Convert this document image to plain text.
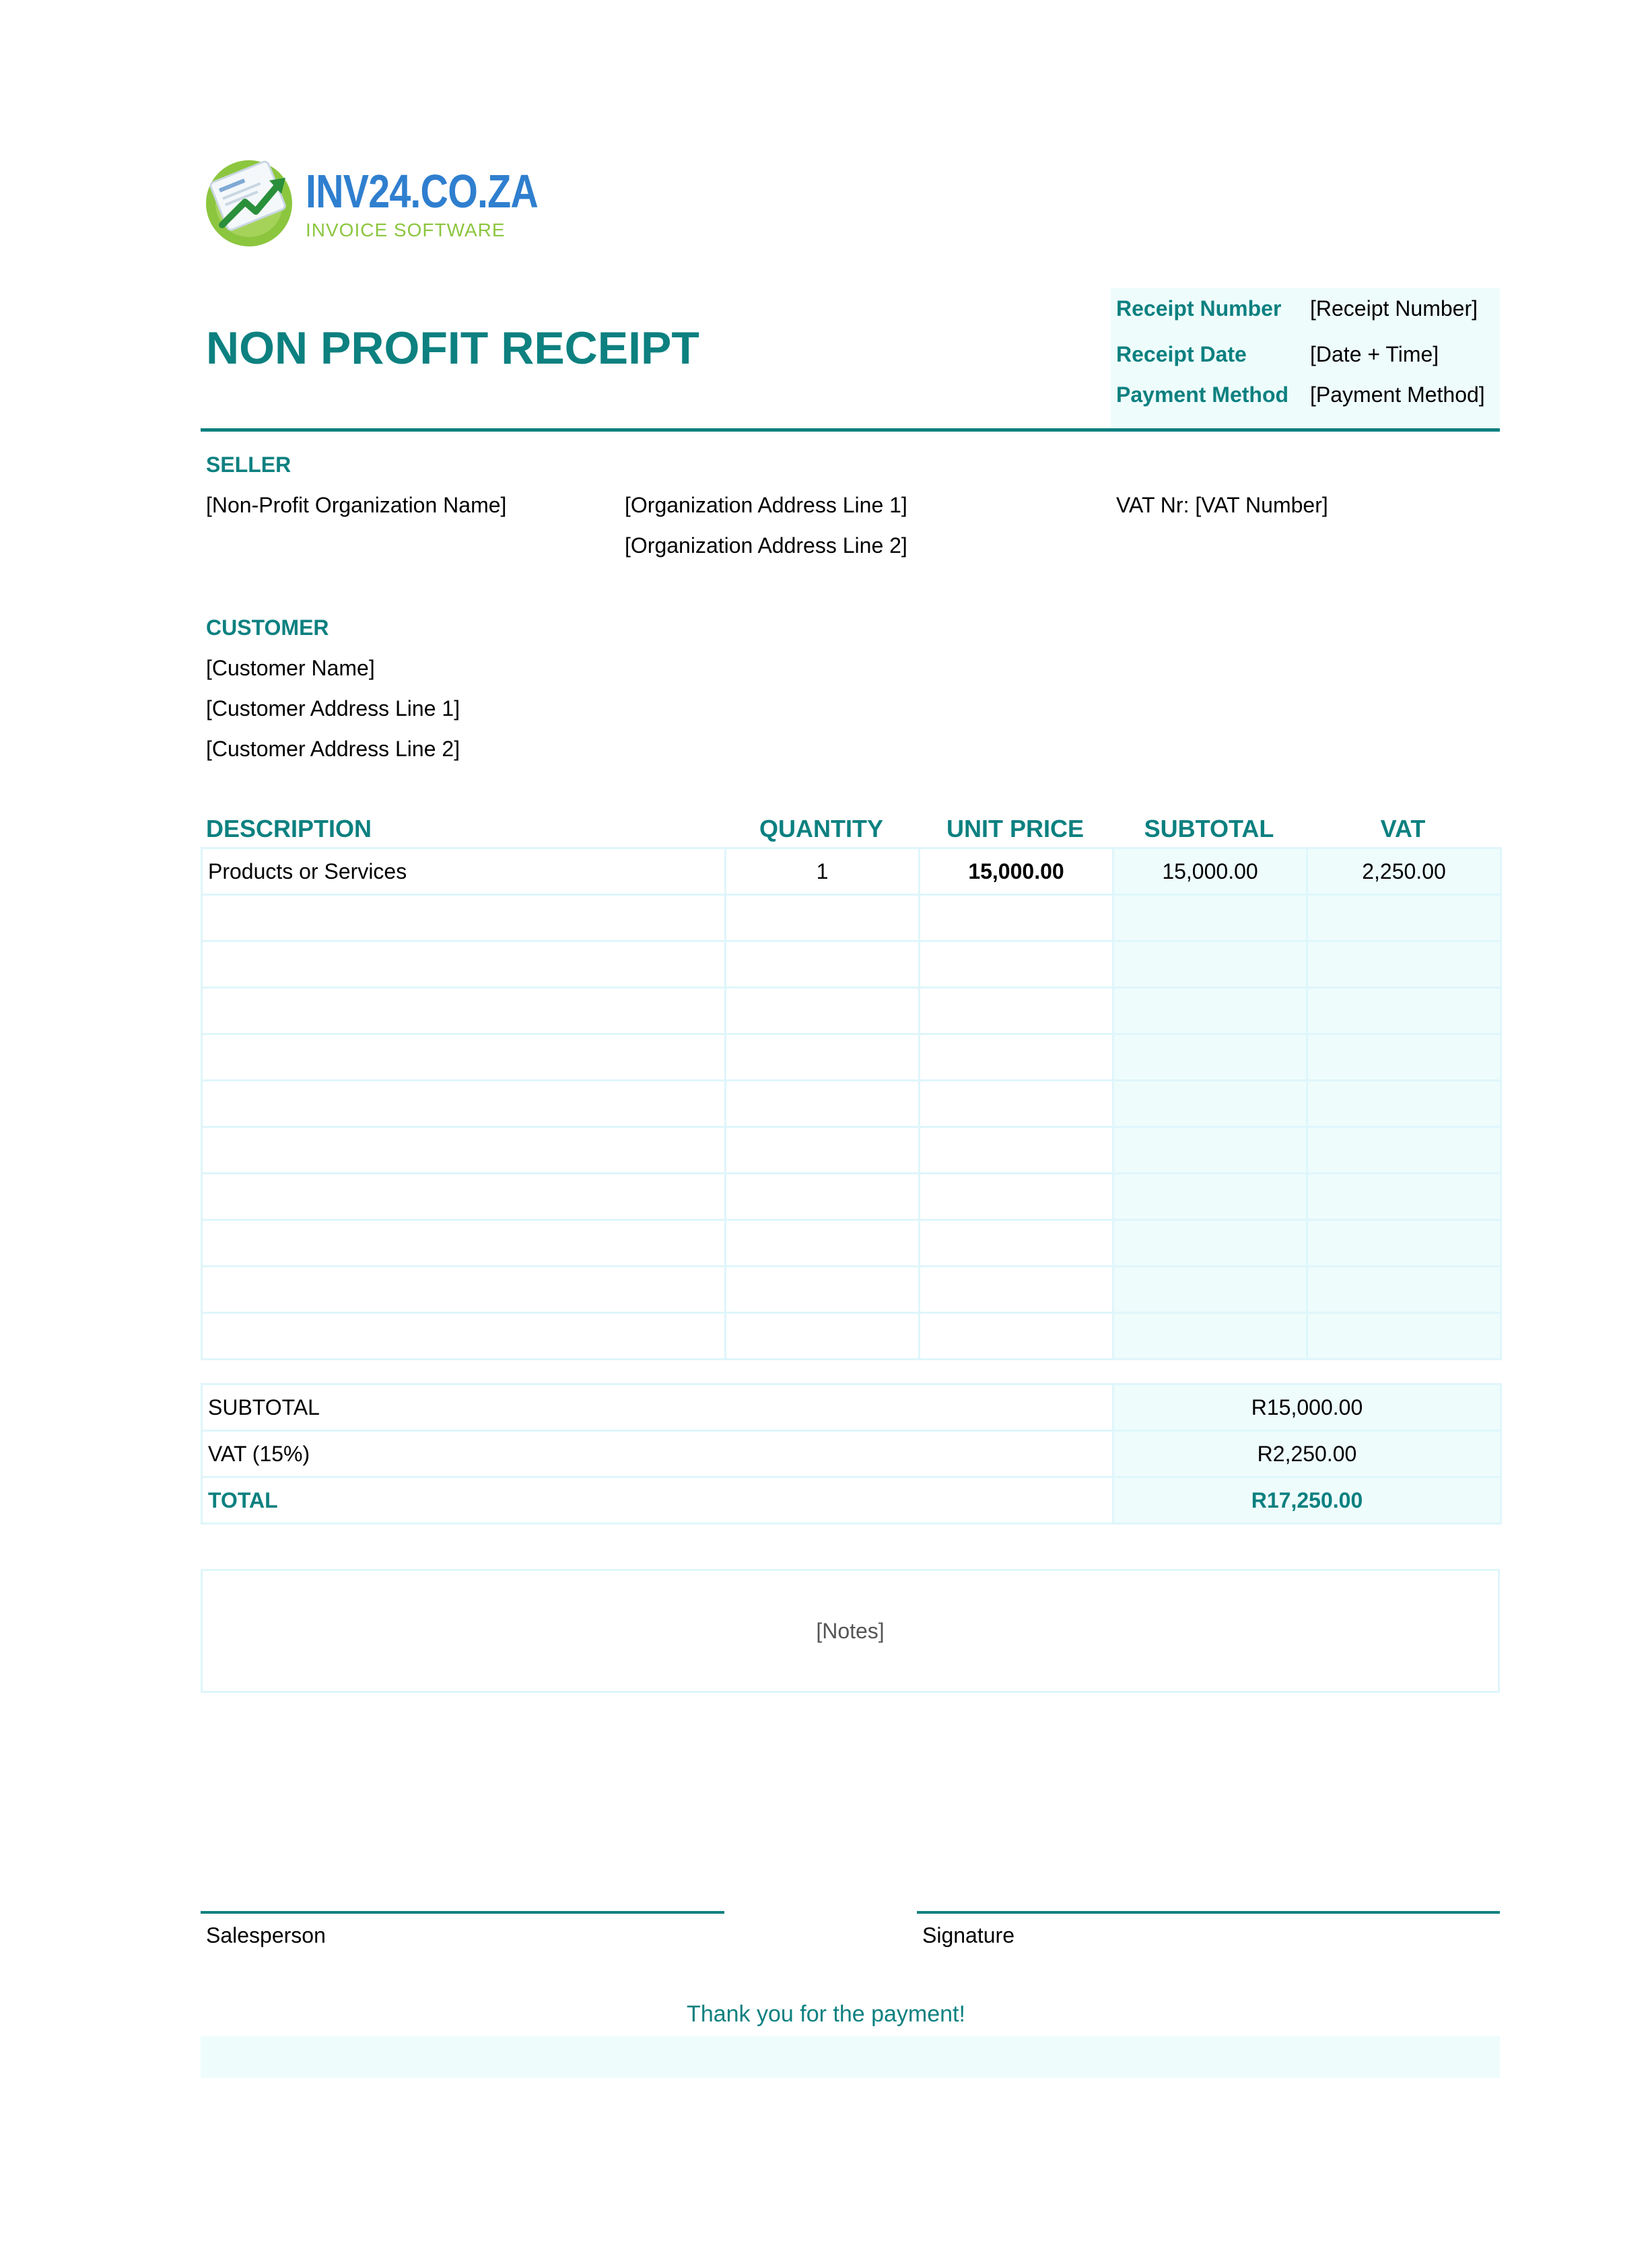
INV24.CO.ZA
INVOICE SOFTWARE
NON PROFIT RECEIPT
Receipt Number [Receipt Number]
Receipt Date	[Date + Time]
Payment Method [Payment Method]
SELLER
[Non-Profit Organization Name]	[Organization Address Line 1]
[Organization Address Line 2]
VAT Nr: [VAT Number]
CUSTOMER
[Customer Name]
[Customer Address Line 1]
[Customer Address Line 2]
DESCRIPTION	QUANTITY	UNIT PRICE	SUBTOTAL	VAT
Products or Services	1	15,000.00	15,000.00	2,250.00

SUBTOTAL	R15,000.00
VAT (15%)	R2,250.00
TOTAL	R17,250.00
[Notes]
Salesperson	Signature
Thank you for the payment!
